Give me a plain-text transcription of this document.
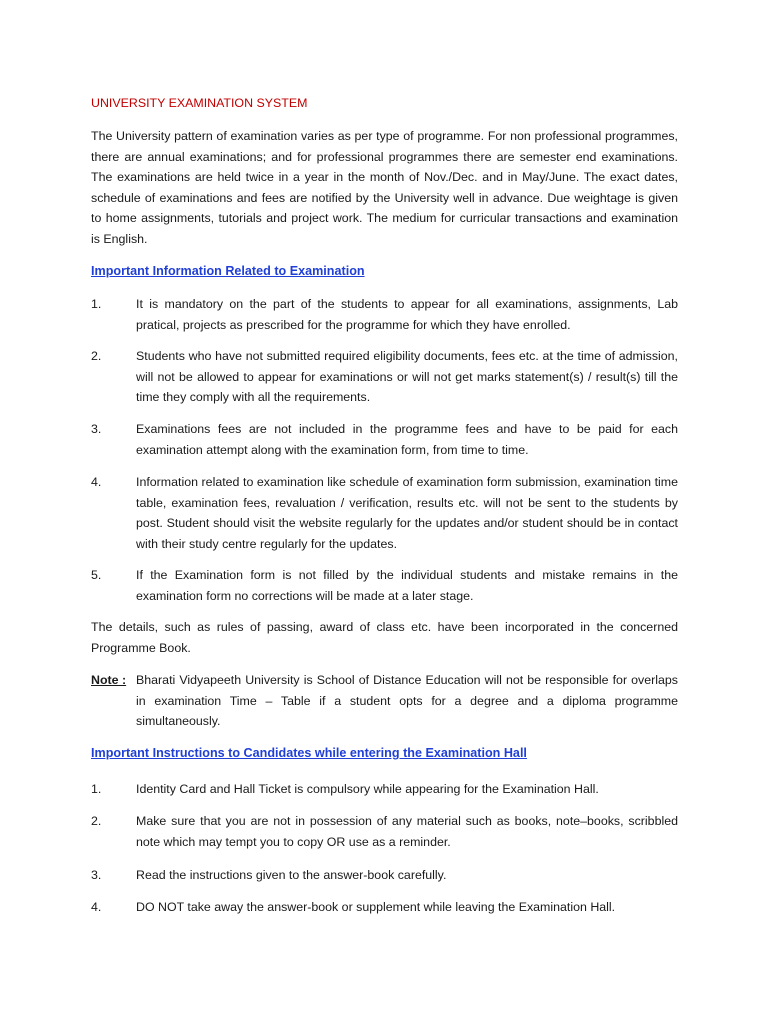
UNIVERSITY EXAMINATION SYSTEM

The University pattern of examination varies as per type of programme. For non professional programmes, there are annual examinations; and for professional programmes there are semester end examinations. The examinations are held twice in a year in the month of Nov./Dec. and in May/June. The exact dates, schedule of examinations and fees are notified by the University well in advance. Due weightage is given to home assignments, tutorials and project work. The medium for curricular transactions and examination is English.

Important Information Related to Examination
1.	It is mandatory on the part of the students to appear for all examinations, assignments, Lab pratical, projects as prescribed for the programme for which they have enrolled.
2.	Students who have not submitted required eligibility documents, fees etc. at the time of admission, will not be allowed to appear for examinations or will not get marks statement(s) / result(s) till the time they comply with all the requirements.
3.	Examinations fees are not included in the programme fees and have to be paid for each examination attempt along with the examination form, from time to time.
4.	Information related to examination like schedule of examination form submission, examination time table, examination fees, revaluation / verification, results etc. will not be sent to the students by post. Student should visit the website regularly for the updates and/or student should be in contact with their study centre regularly for the updates.
5.	If the Examination form is not filled by the individual students and mistake remains in the examination form no corrections will be made at a later stage.

The details, such as rules of passing, award of class etc. have been incorporated in the concerned Programme Book.

Note : Bharati Vidyapeeth University is School of Distance Education will not be responsible for overlaps in examination Time – Table if a student opts for a degree and a diploma programme simultaneously.
Important Instructions to Candidates while entering the Examination Hall
1.	Identity Card and Hall Ticket is compulsory while appearing for the Examination Hall.
2.	Make sure that you are not in possession of any material such as books, note–books, scribbled note which may tempt you to copy OR use as a reminder.
3.	Read the instructions given to the answer-book carefully.
4.	DO NOT take away the answer-book or supplement while leaving the Examination Hall.
